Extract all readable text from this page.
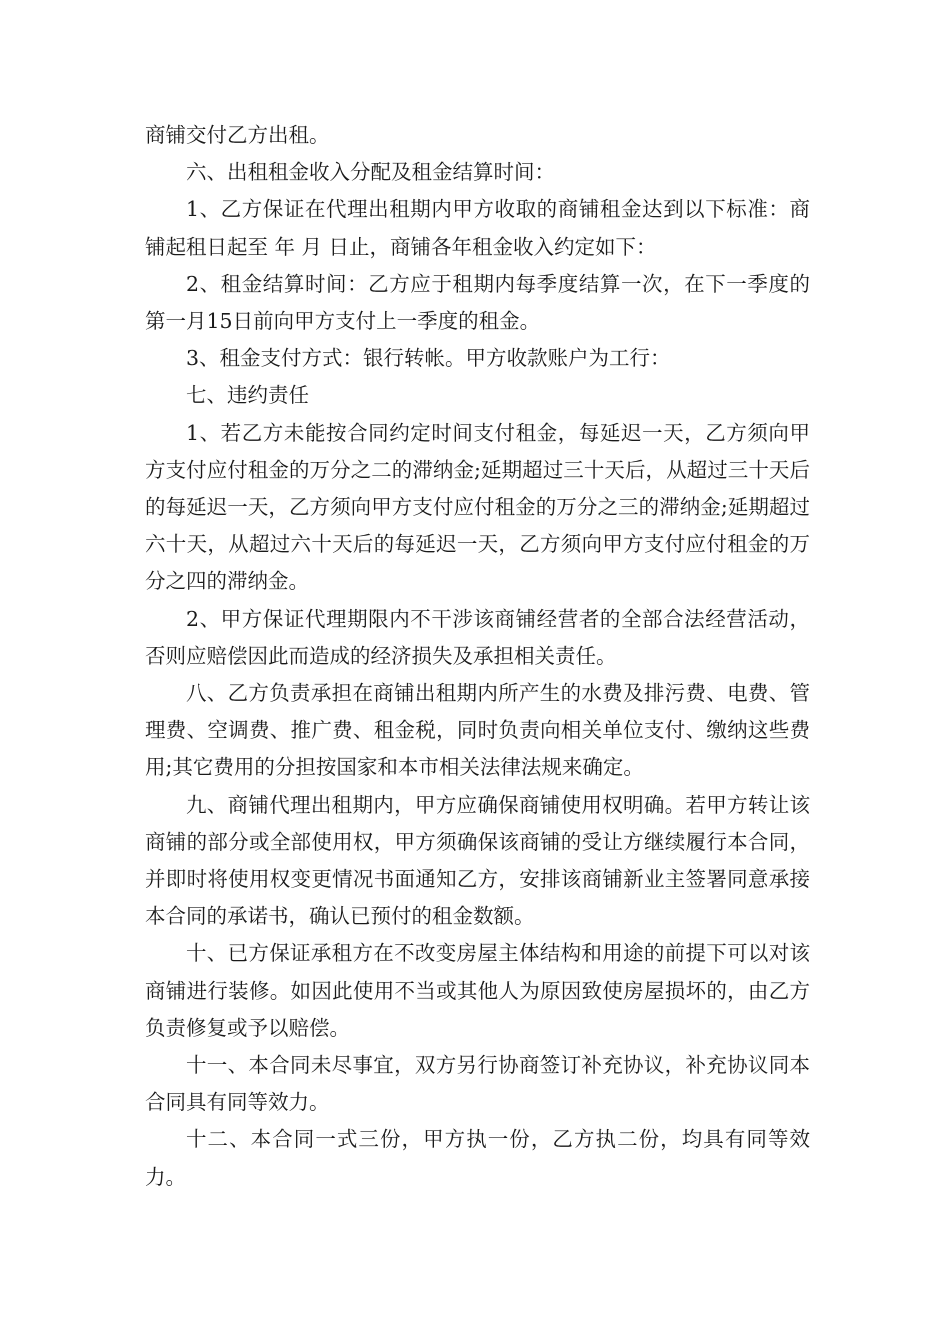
商铺交付乙方出租。

六、出租租金收入分配及租金结算时间：

1、乙方保证在代理出租期内甲方收取的商铺租金达到以下标准：商铺起租日起至 年 月 日止，商铺各年租金收入约定如下：

2、租金结算时间：乙方应于租期内每季度结算一次，在下一季度的第一月15日前向甲方支付上一季度的租金。

3、租金支付方式：银行转帐。甲方收款账户为工行：

七、违约责任

1、若乙方未能按合同约定时间支付租金，每延迟一天，乙方须向甲方支付应付租金的万分之二的滞纳金;延期超过三十天后，从超过三十天后的每延迟一天，乙方须向甲方支付应付租金的万分之三的滞纳金;延期超过六十天，从超过六十天后的每延迟一天，乙方须向甲方支付应付租金的万分之四的滞纳金。

2、甲方保证代理期限内不干涉该商铺经营者的全部合法经营活动，否则应赔偿因此而造成的经济损失及承担相关责任。

八、乙方负责承担在商铺出租期内所产生的水费及排污费、电费、管理费、空调费、推广费、租金税，同时负责向相关单位支付、缴纳这些费用;其它费用的分担按国家和本市相关法律法规来确定。

九、商铺代理出租期内，甲方应确保商铺使用权明确。若甲方转让该商铺的部分或全部使用权，甲方须确保该商铺的受让方继续履行本合同，并即时将使用权变更情况书面通知乙方，安排该商铺新业主签署同意承接本合同的承诺书，确认已预付的租金数额。

十、已方保证承租方在不改变房屋主体结构和用途的前提下可以对该商铺进行装修。如因此使用不当或其他人为原因致使房屋损坏的，由乙方负责修复或予以赔偿。

十一、本合同未尽事宜，双方另行协商签订补充协议，补充协议同本合同具有同等效力。

十二、本合同一式三份，甲方执一份，乙方执二份，均具有同等效力。
